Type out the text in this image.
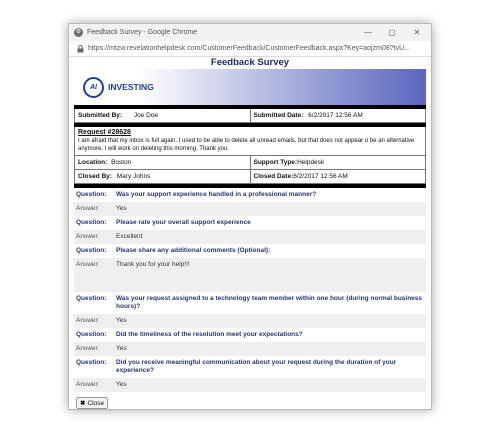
⚙ Feedback Survey - Google Chrome	—	▢	✕
https://mtzw.revelationhelpdesk.com/CustomerFeedback/CustomerFeedback.aspx?Key=aojzm08?tvU...
Feedback Survey
AI	INVESTING
Submitted By: Joe Doe	Submitted Date: 6/2/2017 12:56 AM
Request #28628
I am afraid that my inbox is full again. I used to be able to delete all unread emails, but that does not appear o be an alternative anymore. I will work on deleting this morning. Thank you.
Location: Boston	Support Type:Helpdesk
Closed By: Mary Johns	Closed Date:6/2/2017 12:56 AM
Question:	Was your support experience handled in a professional manner?
Answer:	Yes
Question:	Please rate your overall support experience
Answer:	Excellent
Question:	Please share any additional comments (Optional):
Answer:	Thank you for your help!!!
Question:	Was your request assigned to a technology team member within one hour (during normal business hours)?
Answer:	Yes
Question:	Did the timeliness of the resolution meet your expectations?
Answer:	Yes
Question:	Did you receive meaningful communication about your request during the duration of your experience?
Answer:	Yes
✖ Close
